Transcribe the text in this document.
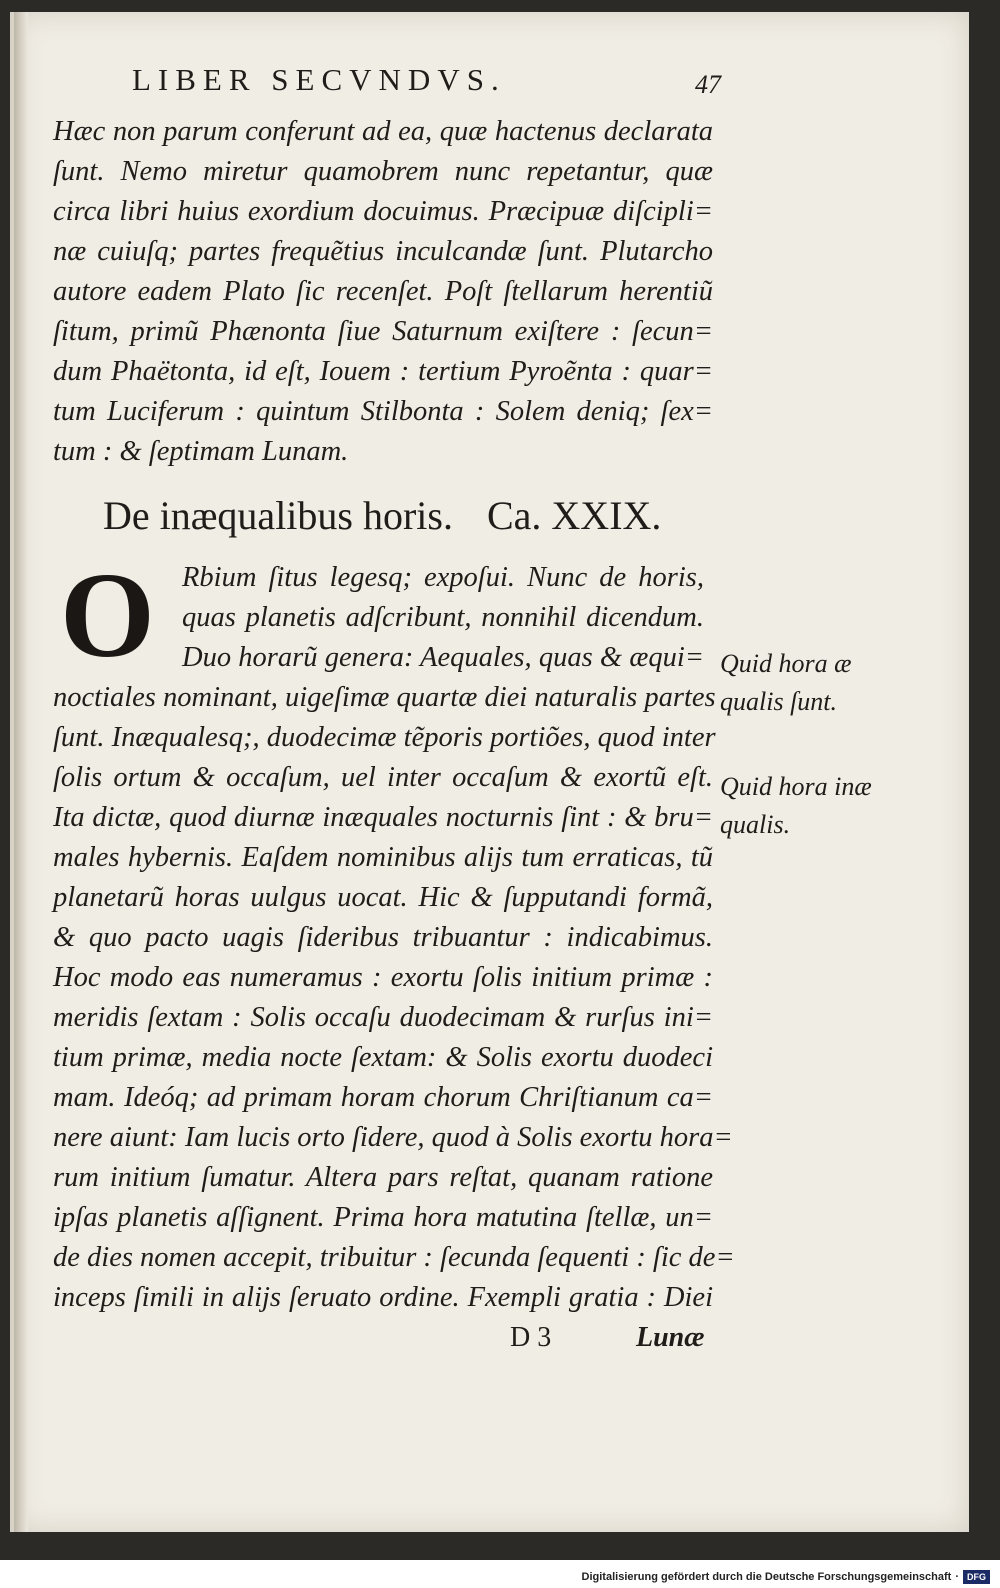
LIBER SECVNDVS.	47
Hæc non parum conferunt ad ea, quæ hactenus declarata
ſunt. Nemo miretur quamobrem nunc repetantur, quæ
circa libri huius exordium docuimus. Præcipuæ diſcipli=
næ cuiuſq; partes frequẽtius inculcandæ ſunt. Plutarcho
autore eadem Plato ſic recenſet. Poſt ſtellarum herentiũ
ſitum, primũ Phænonta ſiue Saturnum exiſtere : ſecun=
dum Phaëtonta, id eſt, Iouem : tertium Pyroẽnta : quar=
tum Luciferum : quintum Stilbonta : Solem deniq; ſex=
tum : & ſeptimam Lunam.
De inæqualibus horis. Ca. XXIX.
O Rbium ſitus legesq; expoſui. Nunc de horis,
quas planetis adſcribunt, nonnihil dicendum.
Duo horarũ genera: Aequales, quas & æqui=
noctiales nominant, uigeſimæ quartæ diei naturalis partes
ſunt. Inæqualesq;, duodecimæ tẽporis portiões, quod inter
ſolis ortum & occaſum, uel inter occaſum & exortũ eſt.
Ita dictæ, quod diurnæ inæquales nocturnis ſint : & bru=
males hybernis. Eaſdem nominibus alijs tum erraticas, tũ
planetarũ horas uulgus uocat. Hic & ſupputandi formã,
& quo pacto uagis ſideribus tribuantur : indicabimus.
Hoc modo eas numeramus : exortu ſolis initium primæ :
meridis ſextam : Solis occaſu duodecimam & rurſus ini=
tium primæ, media nocte ſextam: & Solis exortu duodeci
mam. Ideóq; ad primam horam chorum Chriſtianum ca=
nere aiunt: Iam lucis orto ſidere, quod à Solis exortu hora=
rum initium ſumatur. Altera pars reſtat, quanam ratione
ipſas planetis aſſignent. Prima hora matutina ſtellæ, un=
de dies nomen accepit, tribuitur : ſecunda ſequenti : ſic de=
inceps ſimili in alijs ſeruato ordine. Fxempli gratia : Diei
Quid hora æ
qualis ſunt.
Quid hora inæ
qualis.
D 3	Lunæ
Digitalisierung gefördert durch die Deutsche Forschungsgemeinschaft · DFG
